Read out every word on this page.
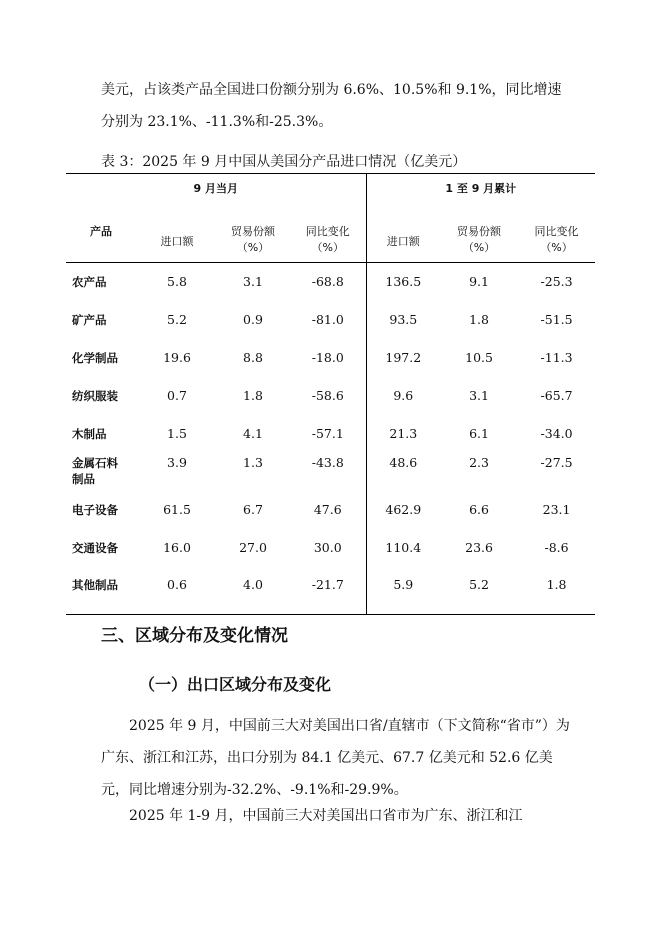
美元，占该类产品全国进口份额分别为 6.6%、10.5%和 9.1%，同比增速分别为 23.1%、-11.3%和-25.3%。

表 3：2025 年 9 月中国从美国分产品进口情况（亿美元）

9 月当月				1 至 9 月累计		
产品	进口额	贸易份额（%）	同比变化（%）	进口额	贸易份额（%）	同比变化（%）
农产品	5.8	3.1	-68.8	136.5	9.1	-25.3
矿产品	5.2	0.9	-81.0	93.5	1.8	-51.5
化学制品	19.6	8.8	-18.0	197.2	10.5	-11.3
纺织服装	0.7	1.8	-58.6	9.6	3.1	-65.7
木制品	1.5	4.1	-57.1	21.3	6.1	-34.0
金属石料制品	3.9	1.3	-43.8	48.6	2.3	-27.5
电子设备	61.5	6.7	47.6	462.9	6.6	23.1
交通设备	16.0	27.0	30.0	110.4	23.6	-8.6
其他制品	0.6	4.0	-21.7	5.9	5.2	1.8

三、区域分布及变化情况

（一）出口区域分布及变化

2025 年 9 月，中国前三大对美国出口省/直辖市（下文简称“省市”）为广东、浙江和江苏，出口分别为 84.1 亿美元、67.7 亿美元和 52.6 亿美元，同比增速分别为-32.2%、-9.1%和-29.9%。

2025 年 1-9 月，中国前三大对美国出口省市为广东、浙江和江
